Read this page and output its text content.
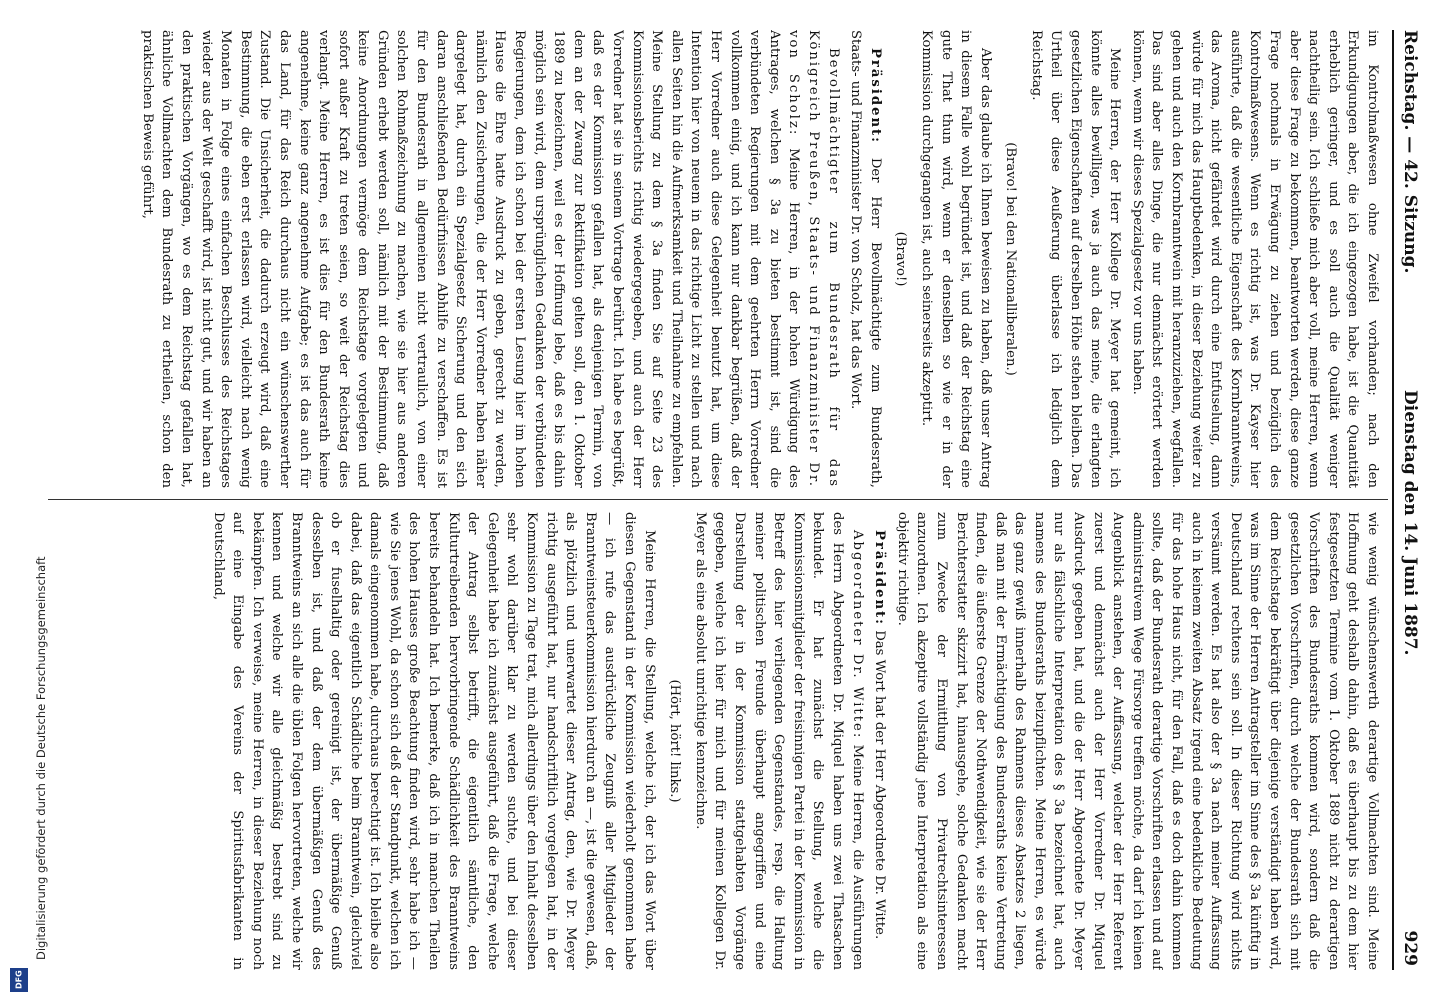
Reichstag. — 42. Sitzung.
Dienstag den 14. Juni 1887.
929

im Kontrolmaßwesen ohne Zweifel vorhanden; nach den Erkundigungen aber, die ich eingezogen habe, ist die Quantität erheblich geringer, und es soll auch die Qualität weniger nachtheilig sein. Ich schließe mich aber voll, meine Herren, wenn aber diese Frage zu bekommen, beantworten werden, diese ganze Frage nochmals in Erwägung zu ziehen und bezüglich des Kontrolmaßwesens. Wenn es richtig ist, was Dr. Kayser hier ausführte, daß die wesentliche Eigenschaft des Kornbranntweins, das Aroma, nicht gefährdet wird durch eine Entfuselung, dann würde für mich das Hauptbedenken, in dieser Beziehung weiter zu gehen und auch den Kornbranntwein mit heranzuziehen, wegfallen. Das sind aber alles Dinge, die nur demnächst erörtert werden können, wenn wir dieses Spezialgesetz vor uns haben.

Meine Herren, der Herr Kollege Dr. Meyer hat gemeint, ich könnte alles bewilligen, was ja auch das meine, die erlangten gesetzlichen Eigenschaften auf derselben Höhe stehen bleiben. Das Urtheil über diese Aeußerung überlasse ich lediglich dem Reichstag.

(Bravo! bei den Nationalliberalen.)

Aber das glaube ich Ihnen beweisen zu haben, daß unser Antrag in diesem Falle wohl begründet ist, und daß der Reichstag eine gute That thun wird, wenn er denselben so wie er in der Kommission durchgegangen ist, auch seinerseits akzeptirt.

(Bravo!)

Präsident: Der Herr Bevollmächtigte zum Bundesrath, Staats- und Finanzminister Dr. von Scholz, hat das Wort.

Bevollmächtigter zum Bundesrath für das Königreich Preußen, Staats- und Finanzminister Dr. von Scholz: Meine Herren, in der hohen Würdigung des Antrages, welchen § 3a zu bieten bestimmt ist, sind die verbündeten Regierungen mit dem geehrten Herrn Vorredner vollkommen einig, und ich kann nur dankbar begrüßen, daß der Herr Vorredner auch diese Gelegenheit benutzt hat, um diese Intention hier von neuem in das richtige Licht zu stellen und nach allen Seiten hin die Aufmerksamkeit und Theilnahme zu empfehlen. Meine Stellung zu dem § 3a finden Sie auf Seite 23 des Kommissionsberichts richtig wiedergegeben, und auch der Herr Vorredner hat sie in seinem Vortrage berührt. Ich habe es begrüßt, daß es der Kommission gefallen hat, als denjenigen Termin, von dem an der Zwang zur Rektifikation gelten soll, den 1. Oktober 1889 zu bezeichnen, weil es der Hoffnung lebe, daß es bis dahin möglich sein wird, dem ursprünglichen Gedanken der verbündeten Regierungen, dem ich schon bei der ersten Lesung hier im hohen Hause die Ehre hatte Ausdruck zu geben, gerecht zu werden, nämlich den Zusicherungen, die der Herr Vorredner haben näher dargelegt hat, durch ein Spezialgesetz Sicherung und den sich daran anschließenden Bedürfnissen Abhilfe zu verschaffen. Es ist für den Bundesrath in allgemeinen nicht vertraulich, von einer solchen Rohmaßzeichnung zu machen, wie sie hier aus anderen Gründen erhebt werden soll, nämlich mit der Bestimmung, daß keine Anordnungen vermöge dem Reichstage vorgelegten und sofort außer Kraft zu treten seien, so weit der Reichstag dies verlangt. Meine Herren, es ist dies für den Bundesrath keine angenehme, keine ganz angenehme Aufgabe; es ist das auch für das Land, für das Reich durchaus nicht ein wünschenswerther Zustand. Die Unsicherheit, die dadurch erzeugt wird, daß eine Bestimmung, die eben erst erlassen wird, vielleicht nach wenig Monaten in Folge eines einfachen Beschlusses des Reichstages wieder aus der Welt geschafft wird, ist nicht gut, und wir haben an den praktischen Vorgängen, wo es dem Reichstag gefallen hat, ähnliche Vollmachten dem Bundesrath zu ertheilen, schon den praktischen Beweis geführt,

wie wenig wünschenswerth derartige Vollmachten sind. Meine Hoffnung geht deshalb dahin, daß es überhaupt bis zu dem hier festgesetzten Termine vom 1. Oktober 1889 nicht zu derartigen Vorschriften des Bundesraths kommen wird, sondern daß die gesetzlichen Vorschriften, durch welche der Bundesrath sich mit dem Reichstage bekräftigt über diejenige verständigt haben wird, was im Sinne der Herren Antragsteller im Sinne des § 3a künftig in Deutschland rechtens sein soll. In dieser Richtung wird nichts versäumt werden. Es hat also der § 3a nach meiner Auffassung auch in keinem zweiten Absatz irgend eine bedenkliche Bedeutung für das hohe Haus nicht, für den Fall, daß es doch dahin kommen sollte, daß der Bundesrath derartige Vorschriften erlassen und auf administrativem Wege Fürsorge treffen möchte, da darf ich keinen Augenblick anstehen, der Auffassung, welcher der Herr Referent zuerst und demnächst auch der Herr Vorredner Dr. Miquel Ausdruck gegeben hat, und die der Herr Abgeordnete Dr. Meyer nur als fälschliche Interpretation des § 3a bezeichnet hat, auch namens des Bundesraths beizupflichten. Meine Herren, es würde das ganz gewiß innerhalb des Rahmens dieses Absatzes 2 liegen, daß man mit der Ermächtigung des Bundesraths keine Vertretung finden, die äußerste Grenze der Nothwendigkeit, wie sie der Herr Berichterstatter skizzirt hat, hinausgehe, solche Gedanken macht zum Zwecke der Ermittlung von Privatrechtsinteressen anzuordnen. Ich akzeptire vollständig jene Interpretation als eine objektiv richtige.

Präsident: Das Wort hat der Herr Abgeordnete Dr. Witte.

Abgeordneter Dr. Witte: Meine Herren, die Ausführungen des Herrn Abgeordneten Dr. Miquel haben uns zwei Thatsachen bekundet. Er hat zunächst die Stellung, welche die Kommissionsmitglieder der freisinnigen Partei in der Kommission in Betreff des hier verliegenden Gegenstandes, resp. die Haltung meiner politischen Freunde überhaupt angegriffen und eine Darstellung der in der Kommission stattgehabten Vorgänge gegeben, welche ich hier für mich und für meinen Kollegen Dr. Meyer als eine absolut unrichtige kennzeichne.

(Hört, hört! links.)

Meine Herren, die Stellung, welche ich, der ich das Wort über diesen Gegenstand in der Kommission wiederholt genommen habe — ich rufe das ausdrückliche Zeugniß aller Mitglieder der Branntweinsteuerkommission hierdurch an —, ist die gewesen, daß, als plötzlich und unerwartet dieser Antrag, den, wie Dr. Meyer richtig ausgeführt hat, nur handschriftlich vorgelegen hat, in der Kommission zu Tage trat, mich allerdings über den Inhalt desselben sehr wohl darüber klar zu werden suchte, und bei dieser Gelegenheit habe ich zunächst ausgeführt, daß die Frage, welche der Antrag selbst betrifft, die eigentlich sämtliche, den Kulturtreibenden hervorbringende Schädlichkeit des Branntweins bereits behandeln hat. Ich bemerke, daß ich in manchen Theilen des hohen Hauses große Beachtung finden wird, sehr habe ich — wie Sie jenes Wohl, da schon sich deß der Standpunkt, welchen ich damals eingenommen habe, durchaus berechtigt ist. Ich bleibe also dabei, daß das eigentlich Schädliche beim Branntwein, gleichviel ob er fuselhaltig oder gereinigt ist, der übermäßige Genuß desselben ist, und daß der dem übermäßigen Genuß des Branntweins an sich alle die üblen Folgen hervortreten, welche wir kennen und welche wir alle gleichmäßig bestrebt sind zu bekämpfen. Ich verweise, meine Herren, in dieser Beziehung noch auf eine Eingabe des Vereins der Spiritusfabrikanten in Deutschland,

Digitalisierung gefördert durch die Deutsche Forschungsgemeinschaft
DFG
